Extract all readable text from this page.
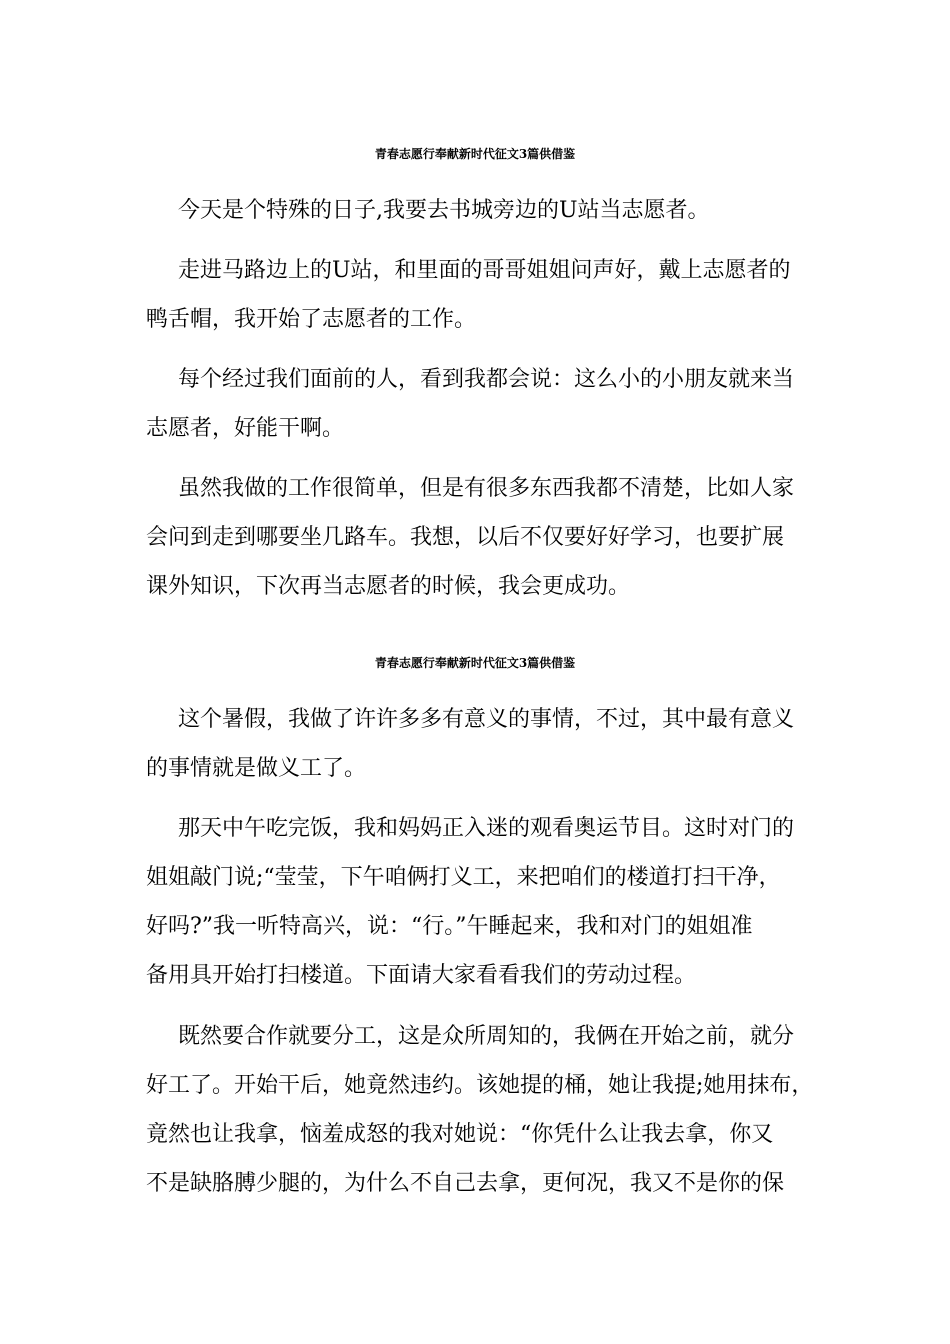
青春志愿行奉献新时代征文3篇供借鉴
今天是个特殊的日子,我要去书城旁边的U站当志愿者。
走进马路边上的U站，和里面的哥哥姐姐问声好，戴上志愿者的
鸭舌帽，我开始了志愿者的工作。
每个经过我们面前的人，看到我都会说：这么小的小朋友就来当
志愿者，好能干啊。
虽然我做的工作很简单，但是有很多东西我都不清楚，比如人家
会问到走到哪要坐几路车。我想，以后不仅要好好学习，也要扩展
课外知识，下次再当志愿者的时候，我会更成功。
青春志愿行奉献新时代征文3篇供借鉴
这个暑假，我做了许许多多有意义的事情，不过，其中最有意义
的事情就是做义工了。
那天中午吃完饭，我和妈妈正入迷的观看奥运节目。这时对门的
姐姐敲门说;“莹莹，下午咱俩打义工，来把咱们的楼道打扫干净，
好吗?”我一听特高兴，说：“行。”午睡起来，我和对门的姐姐准
备用具开始打扫楼道。下面请大家看看我们的劳动过程。
既然要合作就要分工，这是众所周知的，我俩在开始之前，就分
好工了。开始干后，她竟然违约。该她提的桶，她让我提;她用抹布，
竟然也让我拿，恼羞成怒的我对她说：“你凭什么让我去拿，你又
不是缺胳膊少腿的，为什么不自己去拿，更何况，我又不是你的保
